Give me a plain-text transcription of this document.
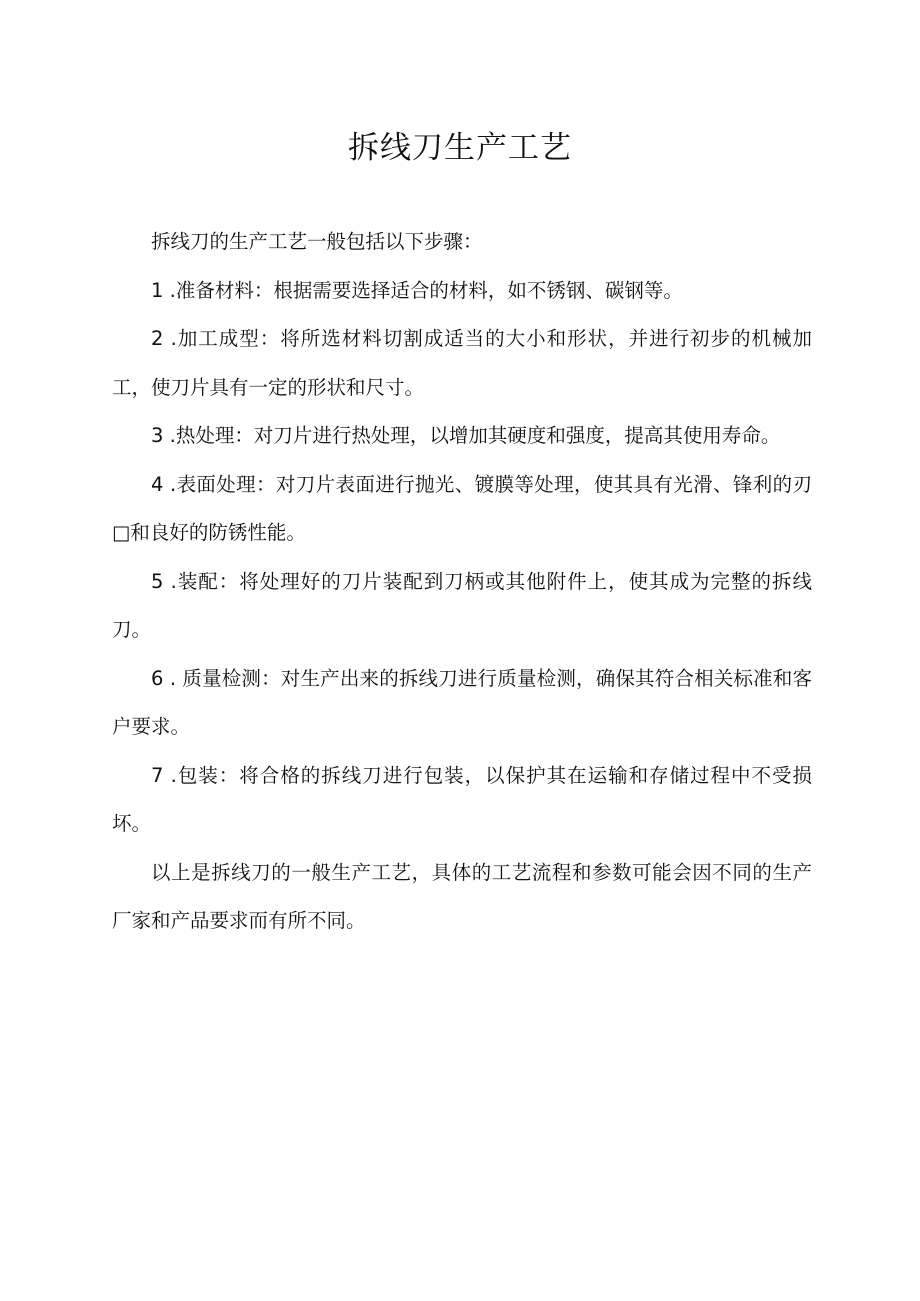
拆线刀生产工艺

拆线刀的生产工艺一般包括以下步骤：

1 .准备材料：根据需要选择适合的材料，如不锈钢、碳钢等。

2 .加工成型：将所选材料切割成适当的大小和形状，并进行初步的机械加工，使刀片具有一定的形状和尺寸。

3 .热处理：对刀片进行热处理，以增加其硬度和强度，提高其使用寿命。

4 .表面处理：对刀片表面进行抛光、镀膜等处理，使其具有光滑、锋利的刃□和良好的防锈性能。

5 .装配：将处理好的刀片装配到刀柄或其他附件上，使其成为完整的拆线刀。

6 . 质量检测：对生产出来的拆线刀进行质量检测，确保其符合相关标准和客户要求。

7 .包装：将合格的拆线刀进行包装，以保护其在运输和存储过程中不受损坏。

以上是拆线刀的一般生产工艺，具体的工艺流程和参数可能会因不同的生产厂家和产品要求而有所不同。
